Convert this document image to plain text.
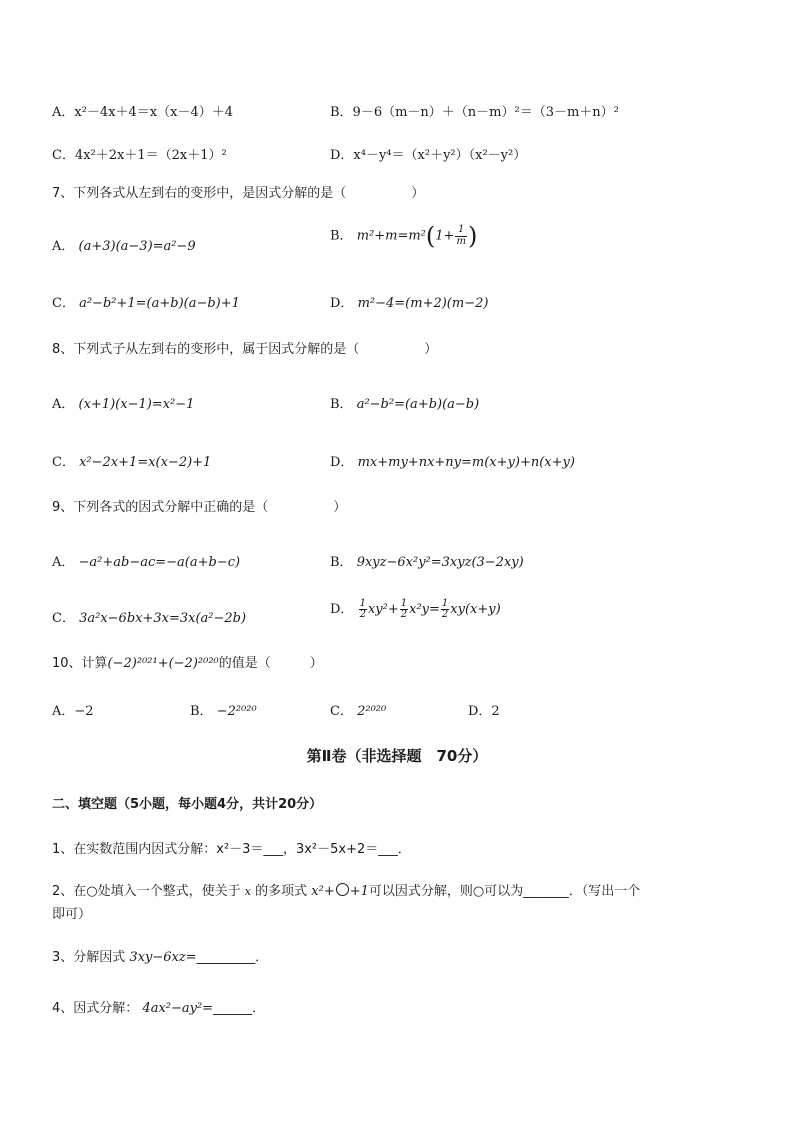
A．x²－4x＋4＝x（x－4）＋4	B．9－6（m－n）＋（n－m）²＝（3－m＋n）²
C．4x²＋2x＋1＝（2x＋1）²	D．x⁴－y⁴＝（x²＋y²）（x²－y²）
7、下列各式从左到右的变形中，是因式分解的是（　　　　　）
A． (a+3)(a−3)=a²−9
B． $m^2+m=m^2(1+ \frac{1}{m}$ )
C． a²−b²+1=(a+b)(a−b)+1	D． m²−4=(m+2)(m−2)
8、下列式子从左到右的变形中，属于因式分解的是（　　　　　）
A． (x+1)(x−1)=x²−1	B． a²−b²=(a+b)(a−b)
C． x²−2x+1=x(x−2)+1	D． mx+my+nx+ny=m(x+y)+n(x+y)
9、下列各式的因式分解中正确的是（　　　　　）
A． −a²+ab−ac=−a(a+b−c)	B． 9xyz−6x²y²=3xyz(3−2xy)
C． 3a²x−6bx+3x=3x(a²−2b)
D． $\frac{1}{2} xy^2+ \frac{1}{2} x^2y= \frac{1}{2} xy(x+y)$
10、计算(−2)²⁰²¹+(−2)²⁰²⁰的值是（　　　）
A．−2	B． −2²⁰²⁰	C． 2²⁰²⁰	D．2
第Ⅱ卷（非选择题　70分）
二、填空题（5小题，每小题4分，共计20分）
1、在实数范围内因式分解：x²－3＝___，3x²－5x+2＝___．
2、在○处填入一个整式，使关于 x 的多项式 x²+ +1可以因式分解，则○可以为_______．（写出一个
即可）
3、分解因式 3xy−6xz=_________．
4、因式分解： 4ax²−ay²=______．
